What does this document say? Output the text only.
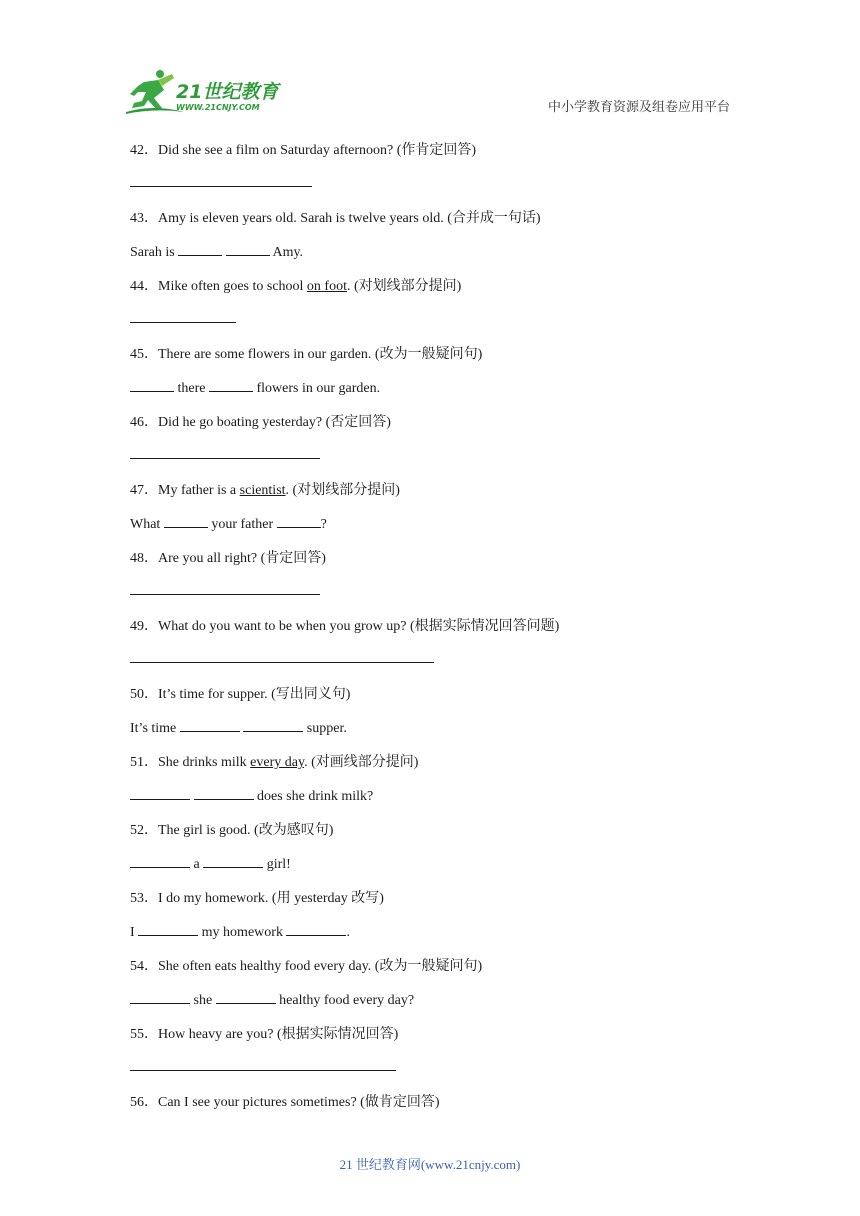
21世纪教育
WWW.21CNJY.COM	中小学教育资源及组卷应用平台
42．Did she see a film on Saturday afternoon? (作肯定回答)
43．Amy is eleven years old. Sarah is twelve years old. (合并成一句话)
Sarah is	Amy.
44．Mike often goes to school on foot. (对划线部分提问)
45．There are some flowers in our garden. (改为一般疑问句)
there	flowers in our garden.
46．Did he go boating yesterday? (否定回答)
47．My father is a scientist. (对划线部分提问)
What	your father	?
48．Are you all right? (肯定回答)
49．What do you want to be when you grow up? (根据实际情况回答问题)
50．It’s time for supper. (写出同义句)
It’s time	supper.
51．She drinks milk every day. (对画线部分提问)
does she drink milk?
52．The girl is good. (改为感叹句)
a	girl!
53．I do my homework. (用 yesterday 改写)
I	my homework	.
54．She often eats healthy food every day. (改为一般疑问句)
she	healthy food every day?
55．How heavy are you? (根据实际情况回答)
56．Can I see your pictures sometimes? (做肯定回答)
21 世纪教育网(www.21cnjy.com)
